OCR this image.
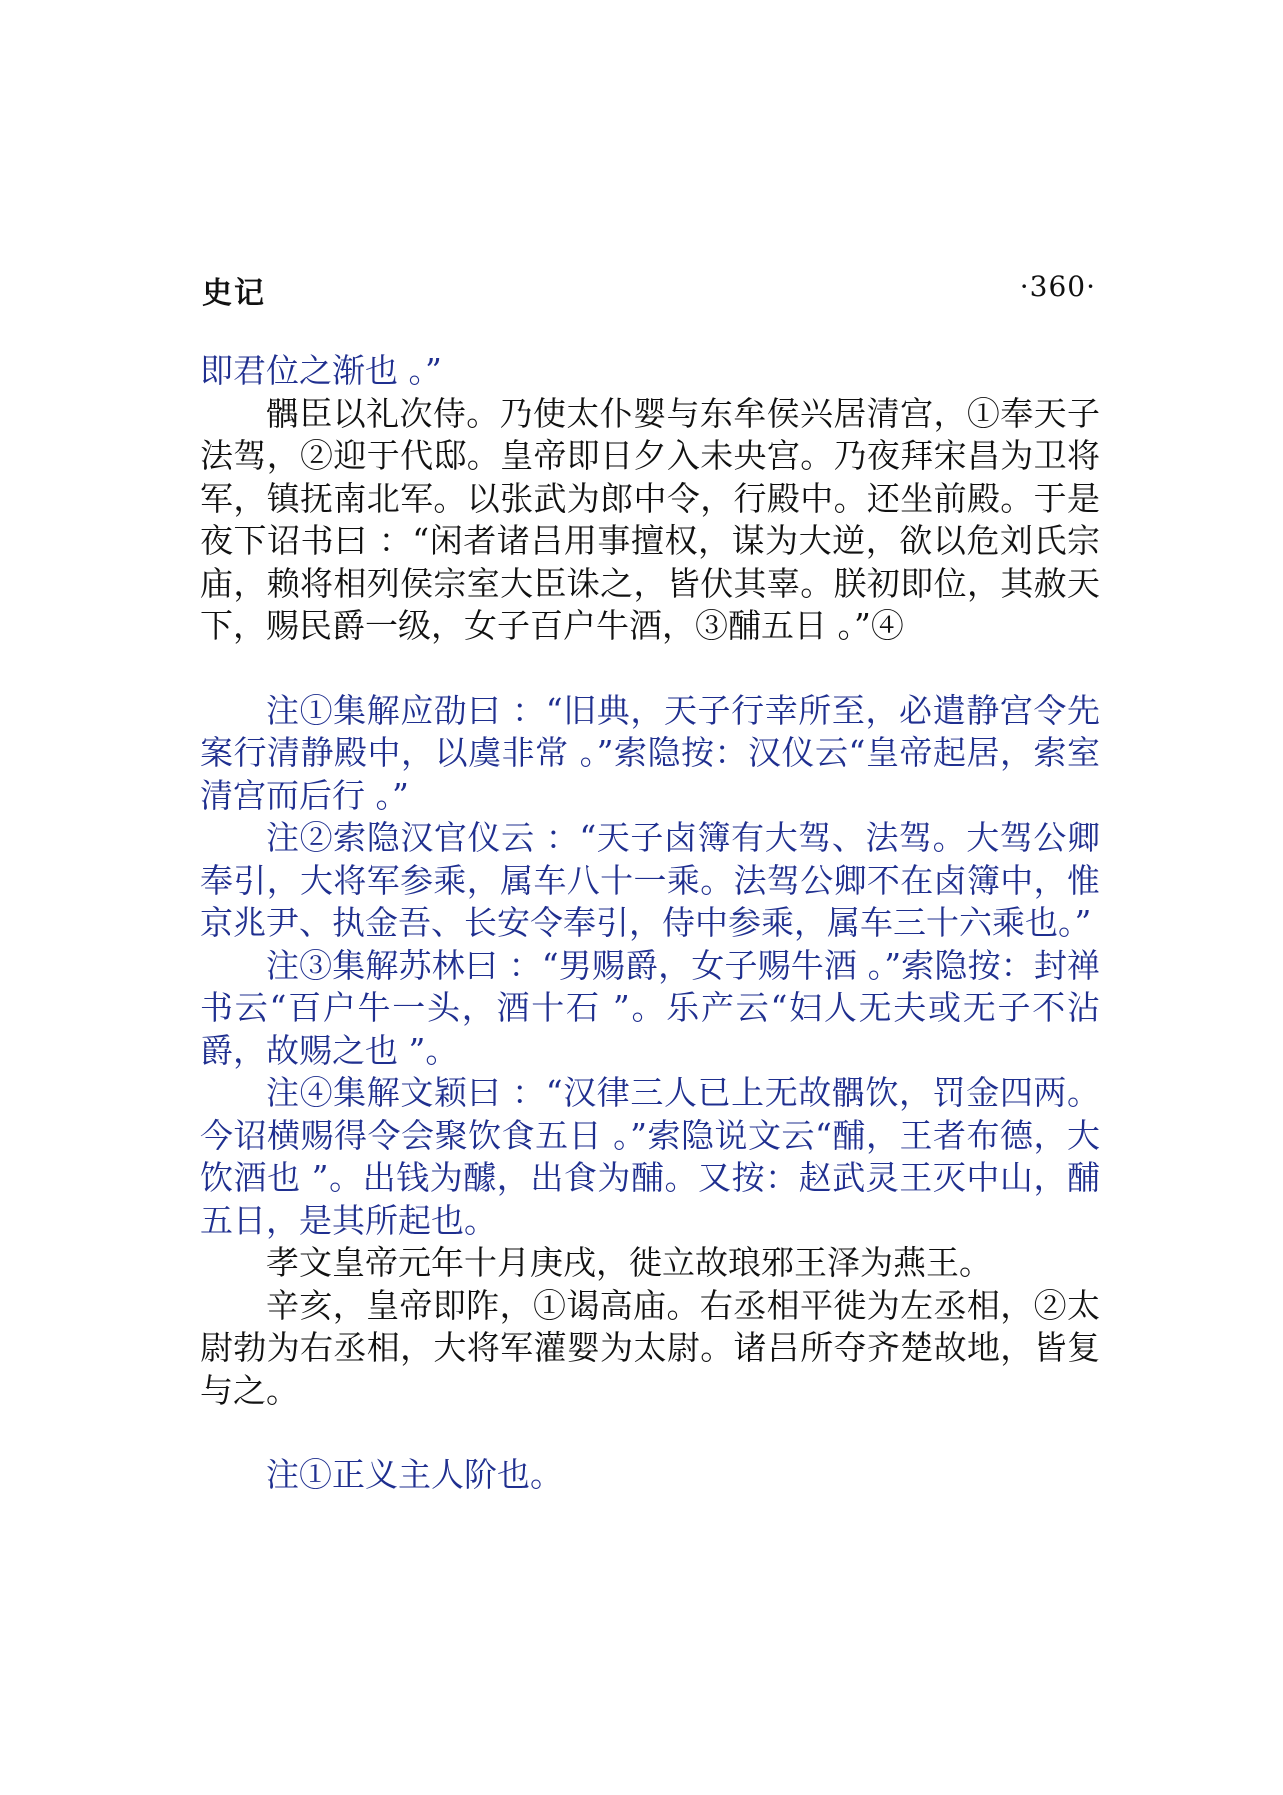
史记	·360·

即君位之渐也 。”

髃臣以礼次侍。乃使太仆婴与东牟侯兴居清宫，①奉天子法驾，②迎于代邸。皇帝即日夕入未央宫。乃夜拜宋昌为卫将军，镇抚南北军。以张武为郎中令，行殿中。还坐前殿。于是夜下诏书曰 ：“闲者诸吕用事擅权，谋为大逆，欲以危刘氏宗庙，赖将相列侯宗室大臣诛之，皆伏其辜。朕初即位，其赦天下，赐民爵一级，女子百户牛酒，③酺五日 。”④

注①集解应劭曰 ：“旧典，天子行幸所至，必遣静宫令先案行清静殿中，以虞非常 。”索隐按：汉仪云“皇帝起居，索室清宫而后行 。”

注②索隐汉官仪云 ：“天子卤簿有大驾、法驾。大驾公卿奉引，大将军参乘，属车八十一乘。法驾公卿不在卤簿中，惟京兆尹、执金吾、长安令奉引，侍中参乘，属车三十六乘也。”

注③集解苏林曰 ：“男赐爵，女子赐牛酒 。”索隐按：封禅书云“百户牛一头，酒十石 ”。乐产云“妇人无夫或无子不沾爵，故赐之也 ”。

注④集解文颖曰 ：“汉律三人已上无故髃饮，罚金四两。今诏横赐得令会聚饮食五日 。”索隐说文云“酺，王者布德，大饮酒也 ”。出钱为醵，出食为酺。又按：赵武灵王灭中山，酺五日，是其所起也。

孝文皇帝元年十月庚戌，徙立故琅邪王泽为燕王。

辛亥，皇帝即阼，①谒高庙。右丞相平徙为左丞相，②太尉勃为右丞相，大将军灌婴为太尉。诸吕所夺齐楚故地，皆复与之。

注①正义主人阶也。
